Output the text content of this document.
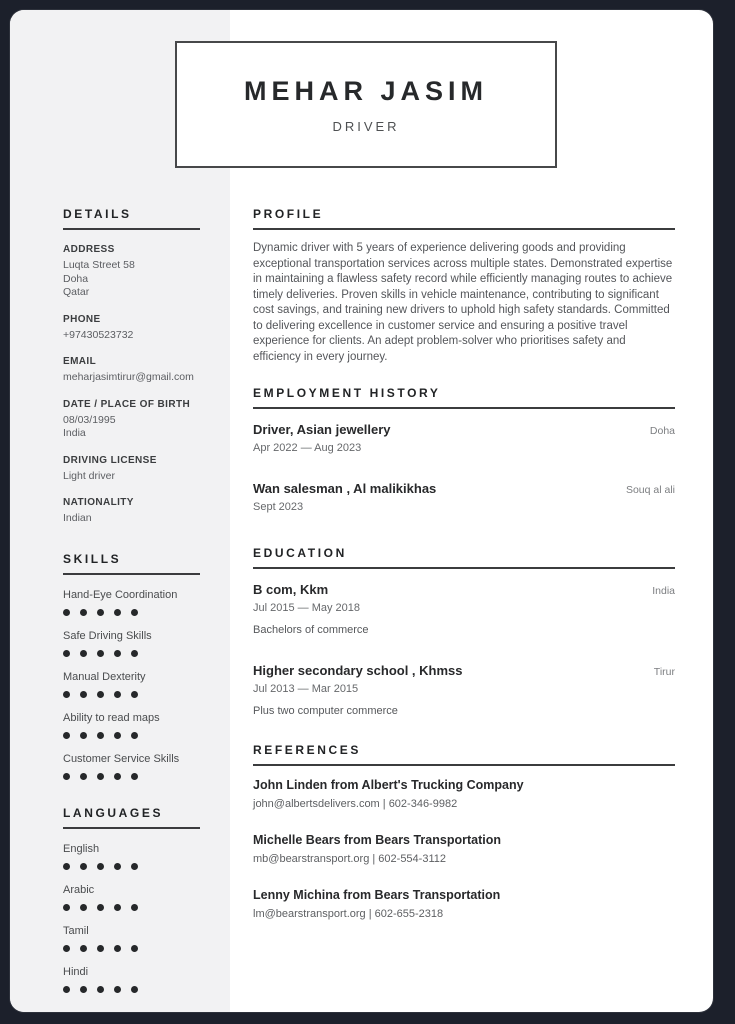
MEHAR JASIM
DRIVER
DETAILS
ADDRESS
Luqta Street 58
Doha
Qatar
PHONE
+97430523732
EMAIL
meharjasimtirur@gmail.com
DATE / PLACE OF BIRTH
08/03/1995
India
DRIVING LICENSE
Light driver
NATIONALITY
Indian
SKILLS
Hand-Eye Coordination
Safe Driving Skills
Manual Dexterity
Ability to read maps
Customer Service Skills
LANGUAGES
English
Arabic
Tamil
Hindi
PROFILE
Dynamic driver with 5 years of experience delivering goods and providing exceptional transportation services across multiple states. Demonstrated expertise in maintaining a flawless safety record while efficiently managing routes to achieve timely deliveries. Proven skills in vehicle maintenance, contributing to significant cost savings, and training new drivers to uphold high safety standards. Committed to delivering excellence in customer service and ensuring a positive travel experience for clients. An adept problem-solver who prioritises safety and efficiency in every journey.
EMPLOYMENT HISTORY
Driver, Asian jewellery	Doha
Apr 2022 — Aug 2023
Wan salesman , Al malikikhas	Souq al ali
Sept 2023
EDUCATION
B com, Kkm	India
Jul 2015 — May 2018
Bachelors of commerce
Higher secondary school , Khmss	Tirur
Jul 2013 — Mar 2015
Plus two computer commerce
REFERENCES
John Linden from Albert's Trucking Company
john@albertsdelivers.com | 602-346-9982
Michelle Bears from Bears Transportation
mb@bearstransport.org | 602-554-3112
Lenny Michina from Bears Transportation
lm@bearstransport.org | 602-655-2318
